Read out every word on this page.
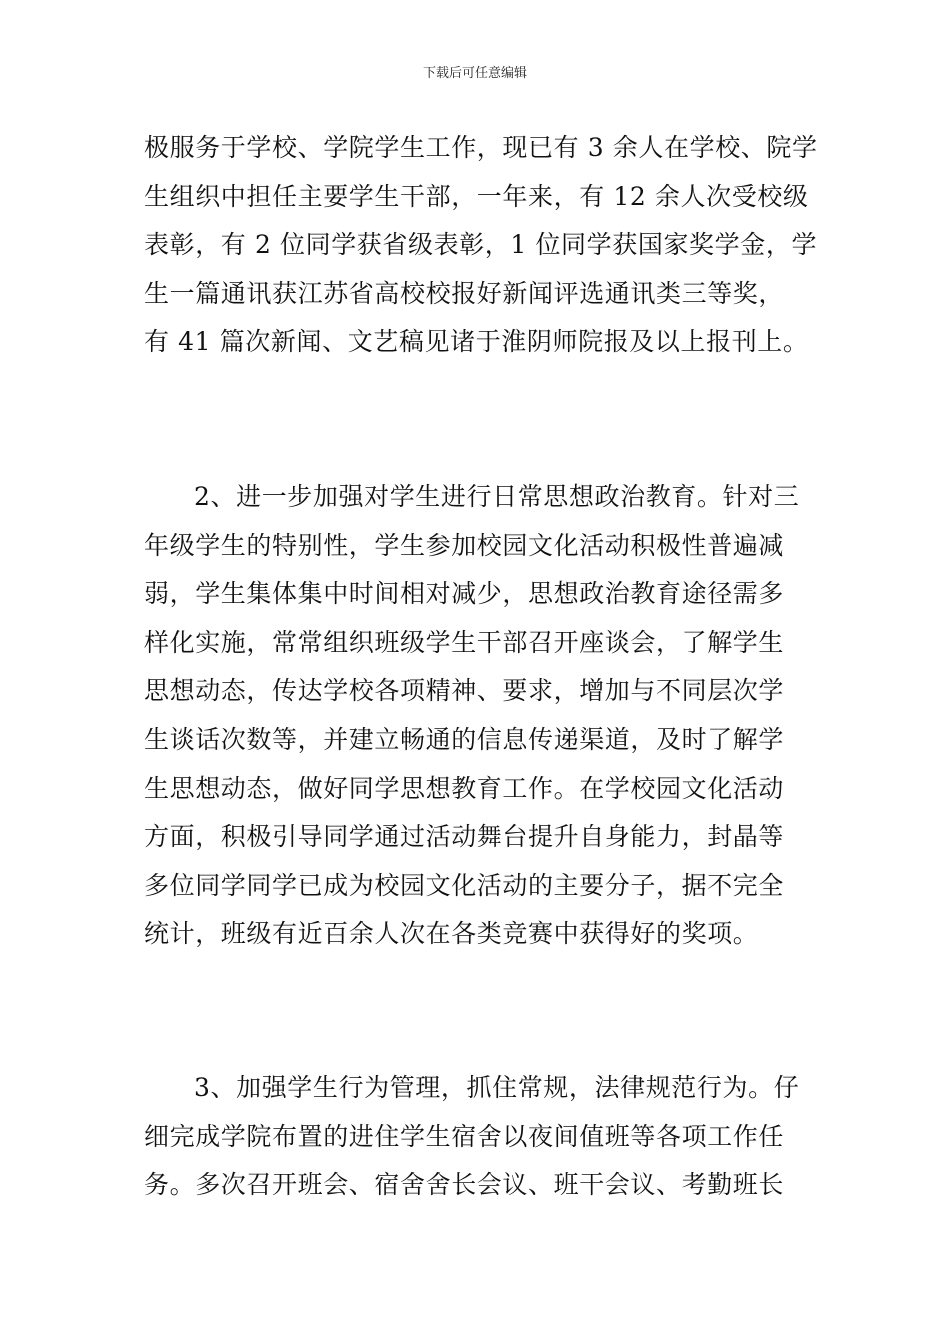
下载后可任意编辑
极服务于学校、学院学生工作，现已有 3 余人在学校、院学
生组织中担任主要学生干部，一年来，有 12 余人次受校级
表彰，有 2 位同学获省级表彰，1 位同学获国家奖学金，学
生一篇通讯获江苏省高校校报好新闻评选通讯类三等奖，
有 41 篇次新闻、文艺稿见诸于淮阴师院报及以上报刊上。
2、进一步加强对学生进行日常思想政治教育。针对三
年级学生的特别性，学生参加校园文化活动积极性普遍减
弱，学生集体集中时间相对减少，思想政治教育途径需多
样化实施，常常组织班级学生干部召开座谈会，了解学生
思想动态，传达学校各项精神、要求，增加与不同层次学
生谈话次数等，并建立畅通的信息传递渠道，及时了解学
生思想动态，做好同学思想教育工作。在学校园文化活动
方面，积极引导同学通过活动舞台提升自身能力，封晶等
多位同学同学已成为校园文化活动的主要分子，据不完全
统计，班级有近百余人次在各类竞赛中获得好的奖项。
3、加强学生行为管理，抓住常规，法律规范行为。仔
细完成学院布置的进住学生宿舍以夜间值班等各项工作任
务。多次召开班会、宿舍舍长会议、班干会议、考勤班长
